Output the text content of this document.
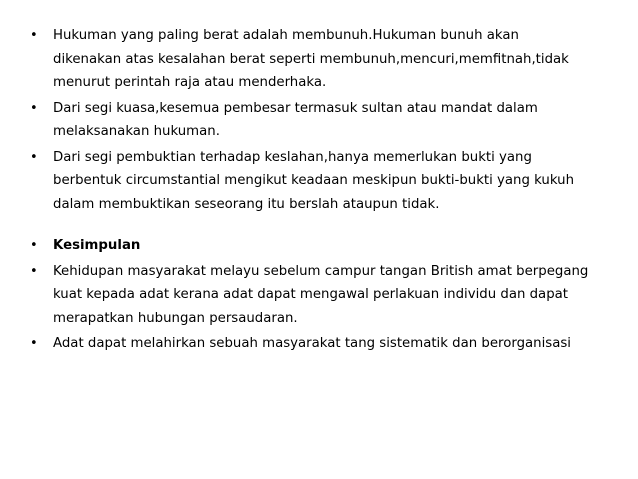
•	Hukuman yang paling berat adalah membunuh.Hukuman bunuh akan dikenakan atas kesalahan berat seperti membunuh,mencuri,memfitnah,tidak menurut perintah raja atau menderhaka.
•	Dari segi kuasa,kesemua pembesar termasuk sultan atau mandat dalam melaksanakan hukuman.
•	Dari segi pembuktian terhadap keslahan,hanya memerlukan bukti yang berbentuk circumstantial mengikut keadaan meskipun bukti-bukti yang kukuh dalam membuktikan seseorang itu berslah ataupun tidak.
•	Kesimpulan
•	Kehidupan masyarakat melayu sebelum campur tangan British amat berpegang kuat kepada adat kerana adat dapat mengawal perlakuan individu dan dapat merapatkan hubungan persaudaran.
•	Adat dapat melahirkan sebuah masyarakat tang sistematik dan berorganisasi
